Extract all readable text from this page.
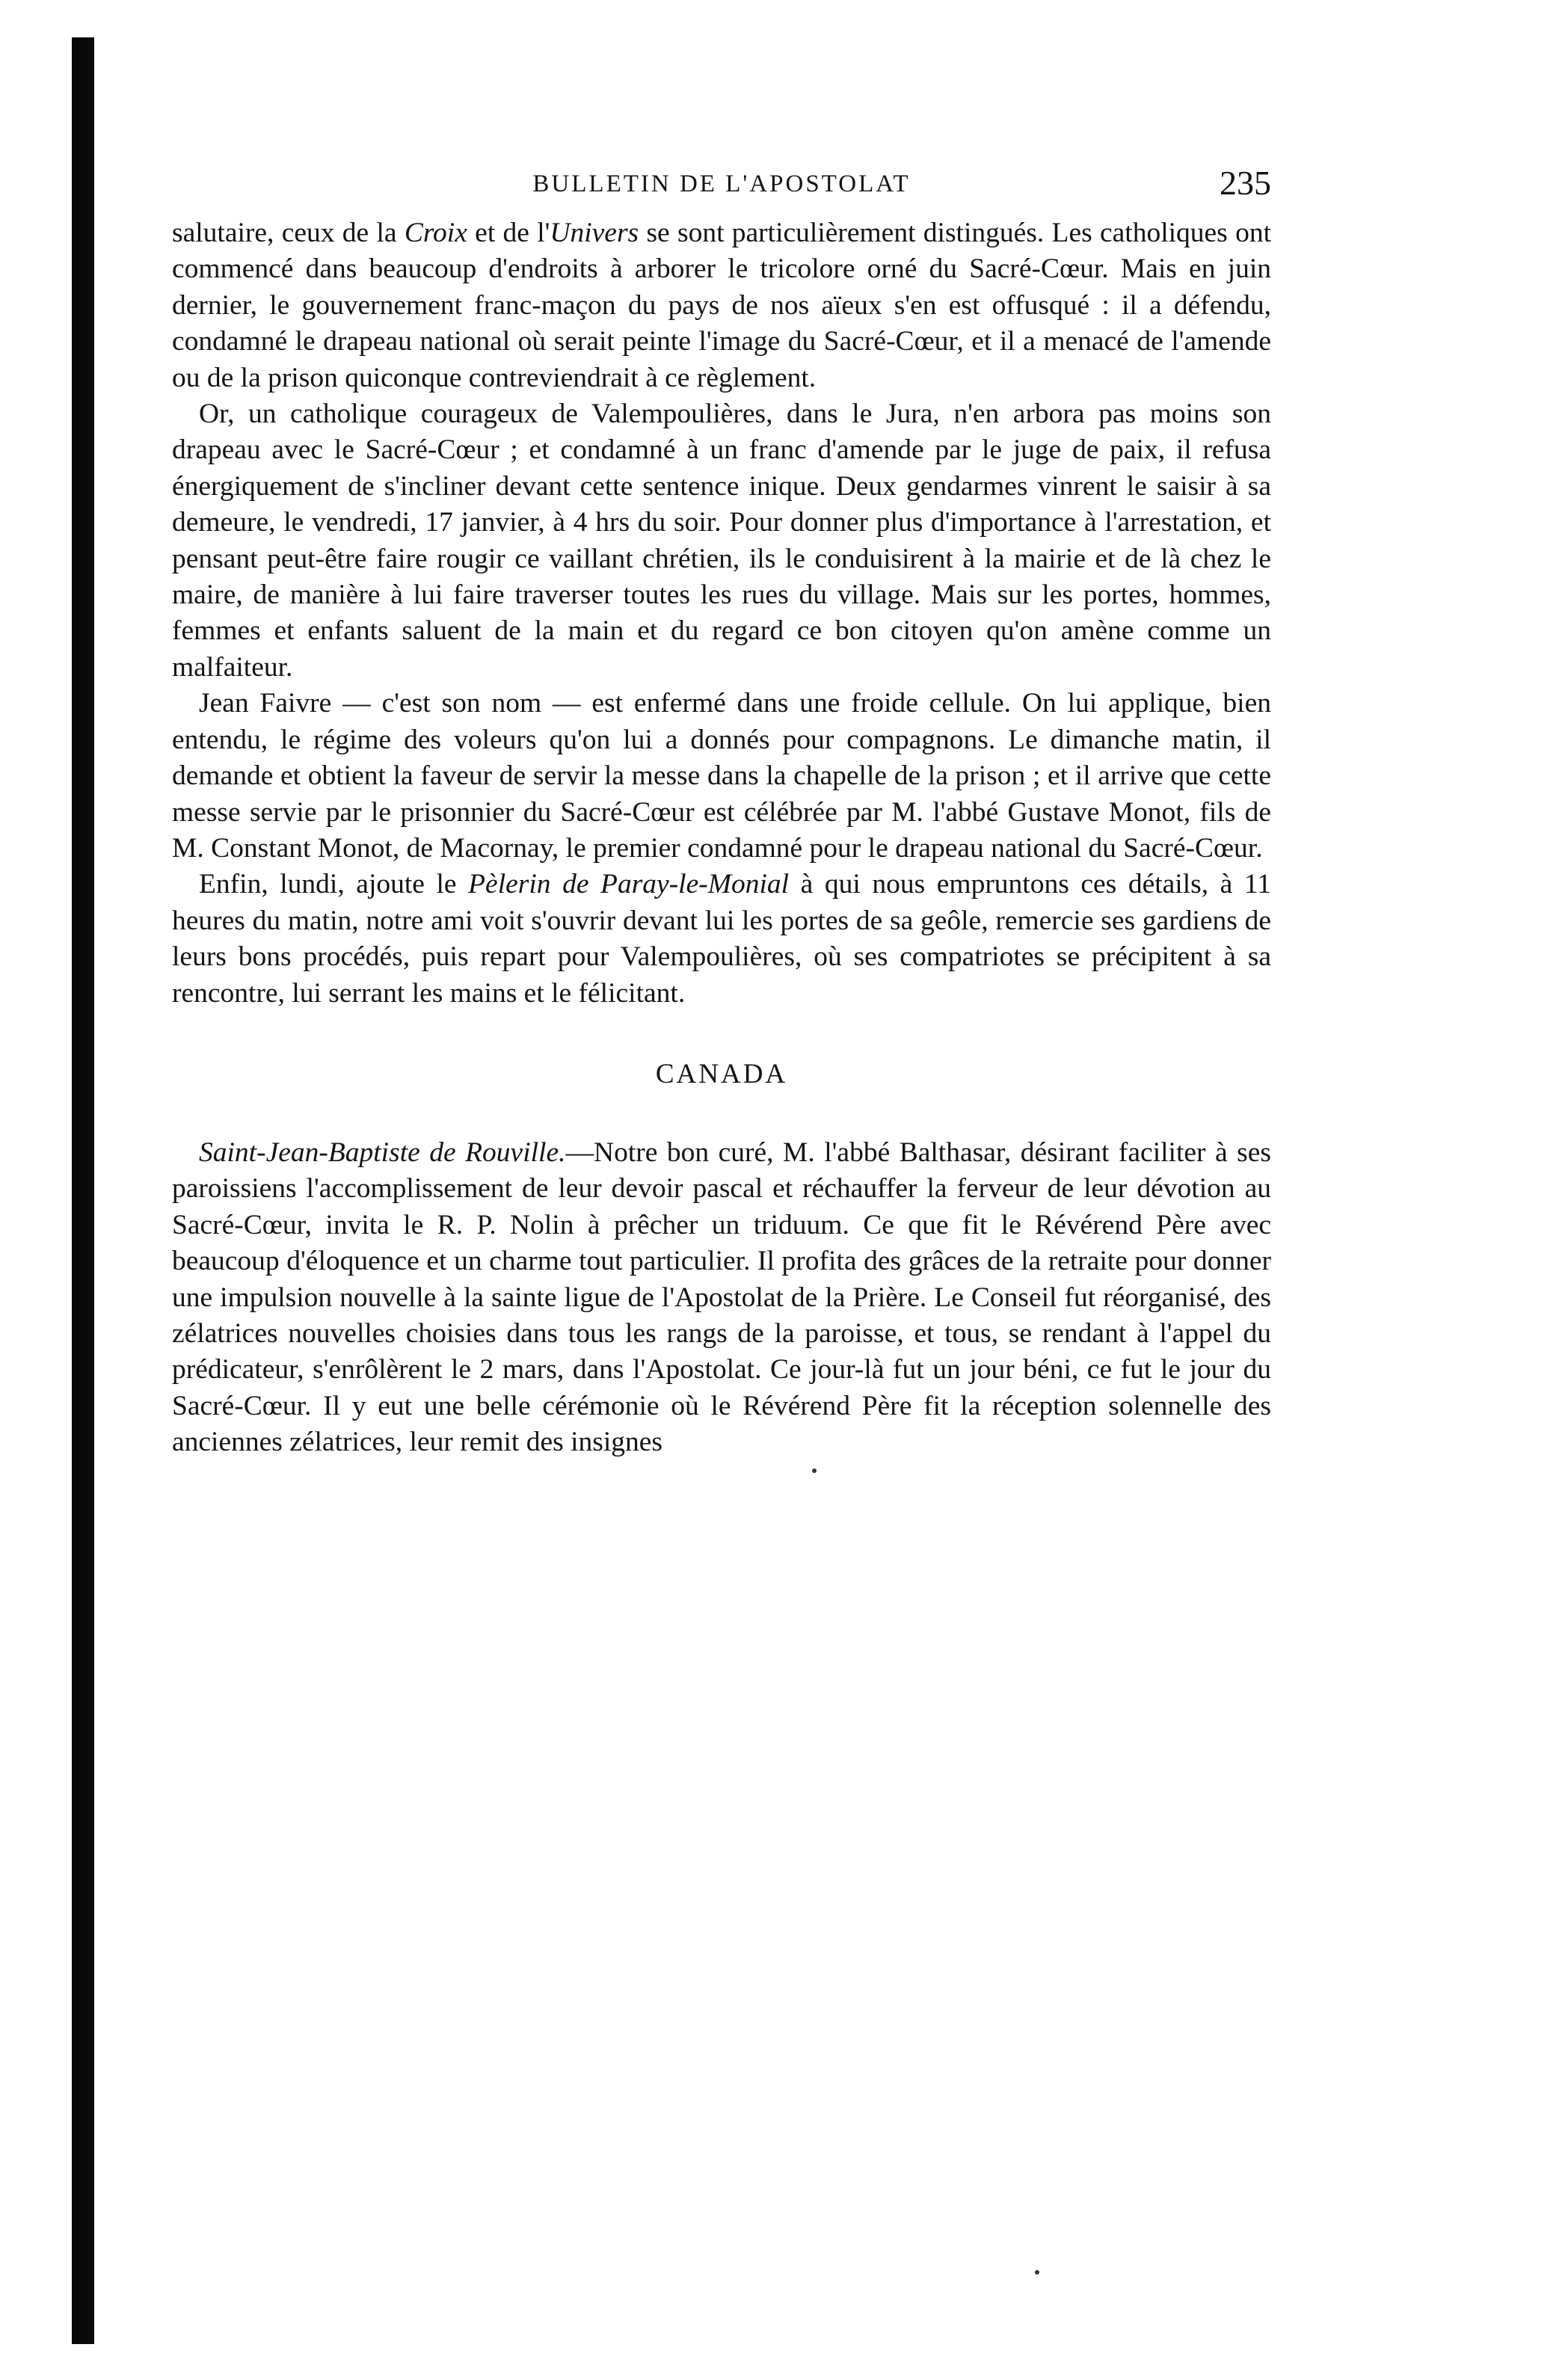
BULLETIN DE L'APOSTOLAT	235

salutaire, ceux de la Croix et de l'Univers se sont particulièrement distingués. Les catholiques ont commencé dans beaucoup d'endroits à arborer le tricolore orné du Sacré-Cœur. Mais en juin dernier, le gouvernement franc-maçon du pays de nos aïeux s'en est offusqué : il a défendu, condamné le drapeau national où serait peinte l'image du Sacré-Cœur, et il a menacé de l'amende ou de la prison quiconque contreviendrait à ce règlement.

Or, un catholique courageux de Valempoulières, dans le Jura, n'en arbora pas moins son drapeau avec le Sacré-Cœur ; et condamné à un franc d'amende par le juge de paix, il refusa énergiquement de s'incliner devant cette sentence inique. Deux gendarmes vinrent le saisir à sa demeure, le vendredi, 17 janvier, à 4 hrs du soir. Pour donner plus d'importance à l'arrestation, et pensant peut-être faire rougir ce vaillant chrétien, ils le conduisirent à la mairie et de là chez le maire, de manière à lui faire traverser toutes les rues du village. Mais sur les portes, hommes, femmes et enfants saluent de la main et du regard ce bon citoyen qu'on amène comme un malfaiteur.

Jean Faivre — c'est son nom — est enfermé dans une froide cellule. On lui applique, bien entendu, le régime des voleurs qu'on lui a donnés pour compagnons. Le dimanche matin, il demande et obtient la faveur de servir la messe dans la chapelle de la prison ; et il arrive que cette messe servie par le prisonnier du Sacré-Cœur est célébrée par M. l'abbé Gustave Monot, fils de M. Constant Monot, de Macornay, le premier condamné pour le drapeau national du Sacré-Cœur.

Enfin, lundi, ajoute le Pèlerin de Paray-le-Monial à qui nous empruntons ces détails, à 11 heures du matin, notre ami voit s'ouvrir devant lui les portes de sa geôle, remercie ses gardiens de leurs bons procédés, puis repart pour Valempoulières, où ses compatriotes se précipitent à sa rencontre, lui serrant les mains et le félicitant.

CANADA

Saint-Jean-Baptiste de Rouville.—Notre bon curé, M. l'abbé Balthasar, désirant faciliter à ses paroissiens l'accomplissement de leur devoir pascal et réchauffer la ferveur de leur dévotion au Sacré-Cœur, invita le R. P. Nolin à prêcher un triduum. Ce que fit le Révérend Père avec beaucoup d'éloquence et un charme tout particulier. Il profita des grâces de la retraite pour donner une impulsion nouvelle à la sainte ligue de l'Apostolat de la Prière. Le Conseil fut réorganisé, des zélatrices nouvelles choisies dans tous les rangs de la paroisse, et tous, se rendant à l'appel du prédicateur, s'enrôlèrent le 2 mars, dans l'Apostolat. Ce jour-là fut un jour béni, ce fut le jour du Sacré-Cœur. Il y eut une belle cérémonie où le Révérend Père fit la réception solennelle des anciennes zélatrices, leur remit des insignes
